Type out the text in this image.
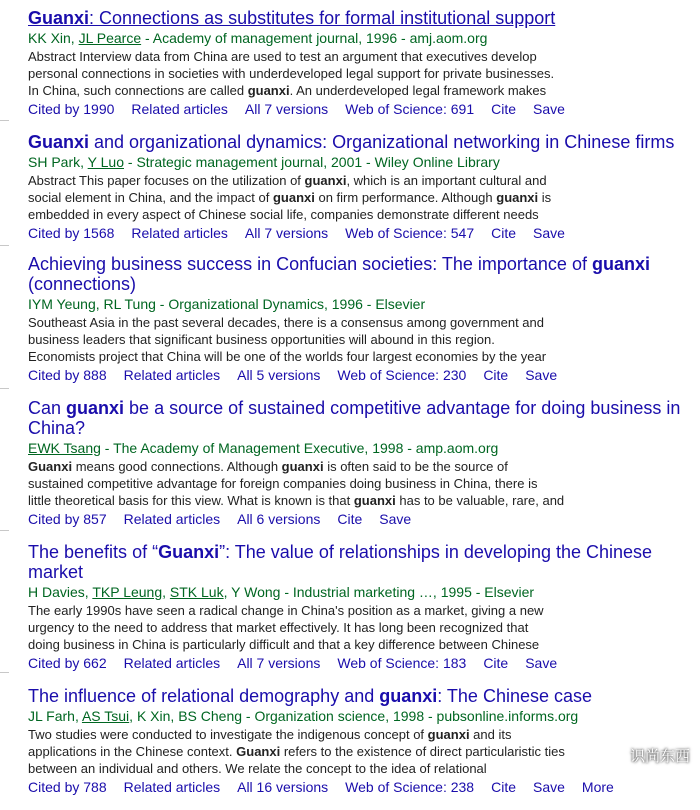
Guanxi: Connections as substitutes for formal institutional support
KK Xin, JL Pearce - Academy of management journal, 1996 - amj.aom.org
Abstract Interview data from China are used to test an argument that executives develop
personal connections in societies with underdeveloped legal support for private businesses.
In China, such connections are called guanxi. An underdeveloped legal framework makes
Cited by 1990 Related articles All 7 versions Web of Science: 691 Cite Save
Guanxi and organizational dynamics: Organizational networking in Chinese firms
SH Park, Y Luo - Strategic management journal, 2001 - Wiley Online Library
Abstract This paper focuses on the utilization of guanxi, which is an important cultural and
social element in China, and the impact of guanxi on firm performance. Although guanxi is
embedded in every aspect of Chinese social life, companies demonstrate different needs
Cited by 1568 Related articles All 7 versions Web of Science: 547 Cite Save
Achieving business success in Confucian societies: The importance of guanxi (connections)
IYM Yeung, RL Tung - Organizational Dynamics, 1996 - Elsevier
Southeast Asia in the past several decades, there is a consensus among government and
business leaders that significant business opportunities will abound in this region.
Economists project that China will be one of the worlds four largest economies by the year
Cited by 888 Related articles All 5 versions Web of Science: 230 Cite Save
Can guanxi be a source of sustained competitive advantage for doing business in China?
EWK Tsang - The Academy of Management Executive, 1998 - amp.aom.org
Guanxi means good connections. Although guanxi is often said to be the source of
sustained competitive advantage for foreign companies doing business in China, there is
little theoretical basis for this view. What is known is that guanxi has to be valuable, rare, and
Cited by 857 Related articles All 6 versions Cite Save
The benefits of “Guanxi”: The value of relationships in developing the Chinese market
H Davies, TKP Leung, STK Luk, Y Wong - Industrial marketing …, 1995 - Elsevier
The early 1990s have seen a radical change in China's position as a market, giving a new
urgency to the need to address that market effectively. It has long been recognized that
doing business in China is particularly difficult and that a key difference between Chinese
Cited by 662 Related articles All 7 versions Web of Science: 183 Cite Save
The influence of relational demography and guanxi: The Chinese case
JL Farh, AS Tsui, K Xin, BS Cheng - Organization science, 1998 - pubsonline.informs.org
Two studies were conducted to investigate the indigenous concept of guanxi and its
applications in the Chinese context. Guanxi refers to the existence of direct particularistic ties
between an individual and others. We relate the concept to the idea of relational
Cited by 788 Related articles All 16 versions Web of Science: 238 Cite Save More
识尚东西
